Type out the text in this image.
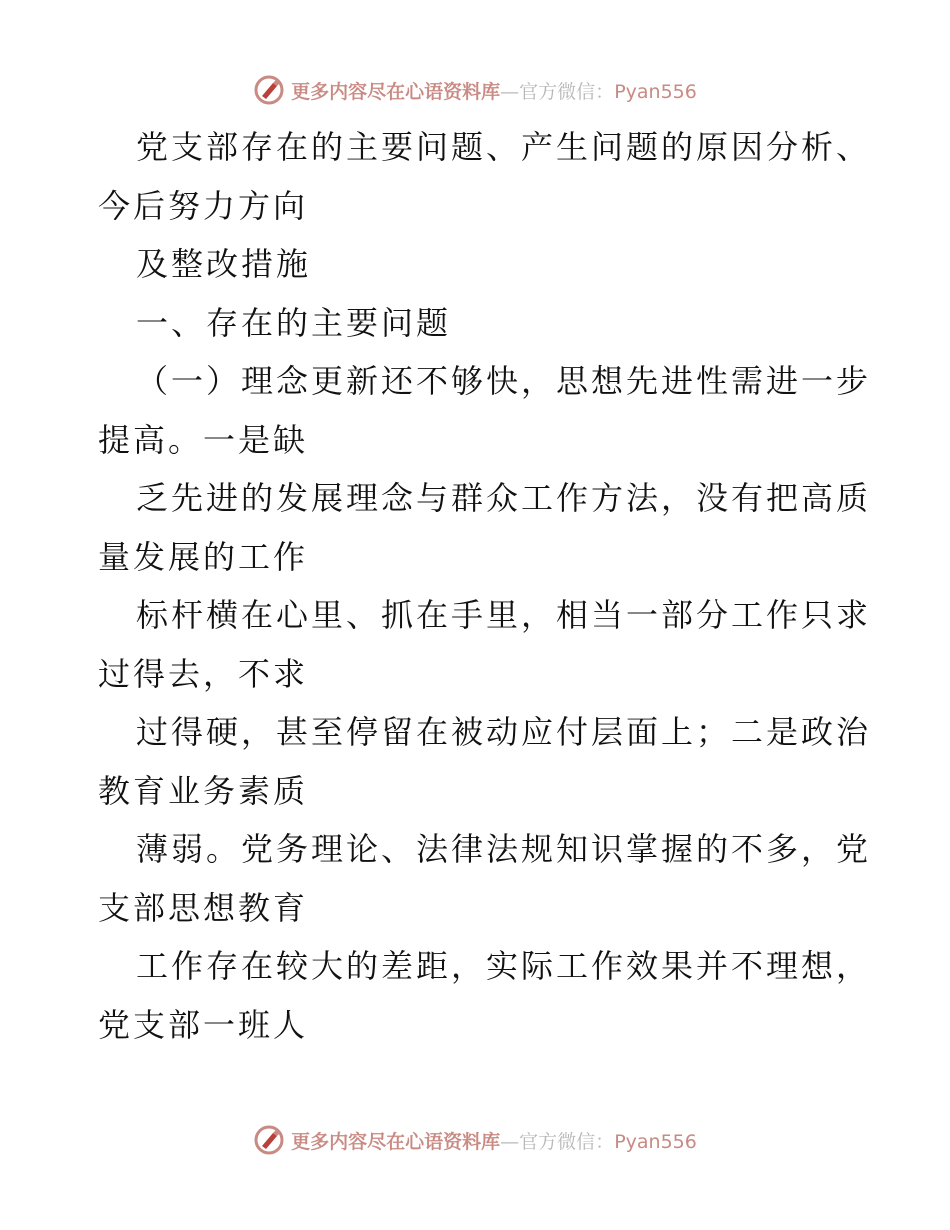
更多内容尽在心语资料库—官方微信：Pyan556
党支部存在的主要问题、产生问题的原因分析、
今后努力方向
及整改措施
一、存在的主要问题
（一）理念更新还不够快，思想先进性需进一步
提高。一是缺
乏先进的发展理念与群众工作方法，没有把高质
量发展的工作
标杆横在心里、抓在手里，相当一部分工作只求
过得去，不求
过得硬，甚至停留在被动应付层面上；二是政治
教育业务素质
薄弱。党务理论、法律法规知识掌握的不多，党
支部思想教育
工作存在较大的差距，实际工作效果并不理想，
党支部一班人
更多内容尽在心语资料库—官方微信：Pyan556
